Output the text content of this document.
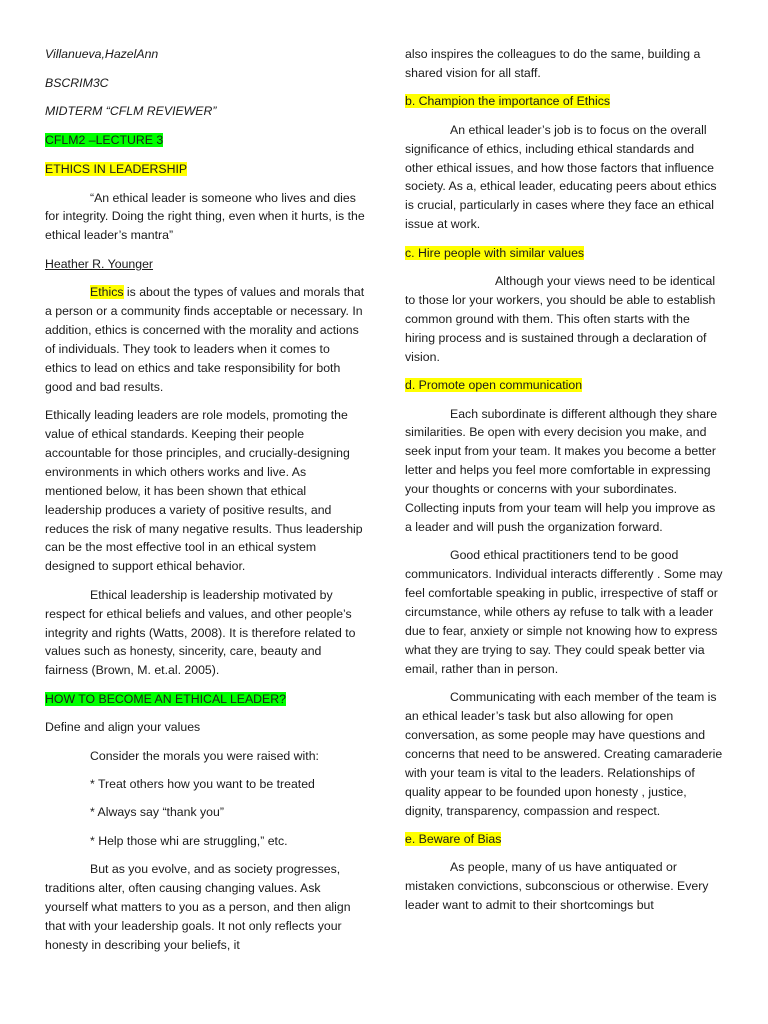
Villanueva,HazelAnn

BSCRIM3C

MIDTERM “CFLM REVIEWER”

CFLM2 –LECTURE 3

ETHICS IN LEADERSHIP

“An ethical leader is someone who lives and dies for integrity. Doing the right thing, even when it hurts, is the ethical leader’s mantra”

Heather R. Younger

Ethics is about the types of values and morals that a person or a community finds acceptable or necessary. In addition, ethics is concerned with the morality and actions of individuals. They took to leaders when it comes to ethics to lead on ethics and take responsibility for both good and bad results.

Ethically leading leaders are role models, promoting the value of ethical standards. Keeping their people accountable for those principles, and crucially-designing environments in which others works and live. As mentioned below, it has been shown that ethical leadership produces a variety of positive results, and reduces the risk of many negative results. Thus leadership can be the most effective tool in an ethical system designed to support ethical behavior.

Ethical leadership is leadership motivated by respect for ethical beliefs and values, and other people’s integrity and rights (Watts, 2008). It is therefore related to values such as honesty, sincerity, care, beauty and fairness (Brown, M. et.al. 2005).

HOW TO BECOME AN ETHICAL LEADER?

Define and align your values

Consider the morals you were raised with:

* Treat others how you want to be treated

* Always say “thank you”

* Help those whi are struggling,” etc.

But as you evolve, and as society progresses, traditions alter, often causing changing values. Ask yourself what matters to you as a person, and then align that with your leadership goals. It not only reflects your honesty in describing your beliefs, it

also inspires the colleagues to do the same, building a shared vision for all staff.

b. Champion the importance of Ethics

An ethical leader’s job is to focus on the overall significance of ethics, including ethical standards and other ethical issues, and how those factors that influence society. As a, ethical leader, educating peers about ethics is crucial, particularly in cases where they face an ethical issue at work.

c. Hire people with similar values

Although your views need to be identical to those lor your workers, you should be able to establish common ground with them. This often starts with the hiring process and is sustained through a declaration of vision.

d. Promote open communication

Each subordinate is different although they share similarities. Be open with every decision you make, and seek input from your team. It makes you become a better letter and helps you feel more comfortable in expressing your thoughts or concerns with your subordinates. Collecting inputs from your team will help you improve as a leader and will push the organization forward.

Good ethical practitioners tend to be good communicators. Individual interacts differently . Some may feel comfortable speaking in public, irrespective of staff or circumstance, while others ay refuse to talk with a leader due to fear, anxiety or simple not knowing how to express what they are trying to say. They could speak better via email, rather than in person.

Communicating with each member of the team is an ethical leader’s task but also allowing for open conversation, as some people may have questions and concerns that need to be answered. Creating camaraderie with your team is vital to the leaders. Relationships of quality appear to be founded upon honesty , justice, dignity, transparency, compassion and respect.

e. Beware of Bias

As people, many of us have antiquated or mistaken convictions, subconscious or otherwise. Every leader want to admit to their shortcomings but
